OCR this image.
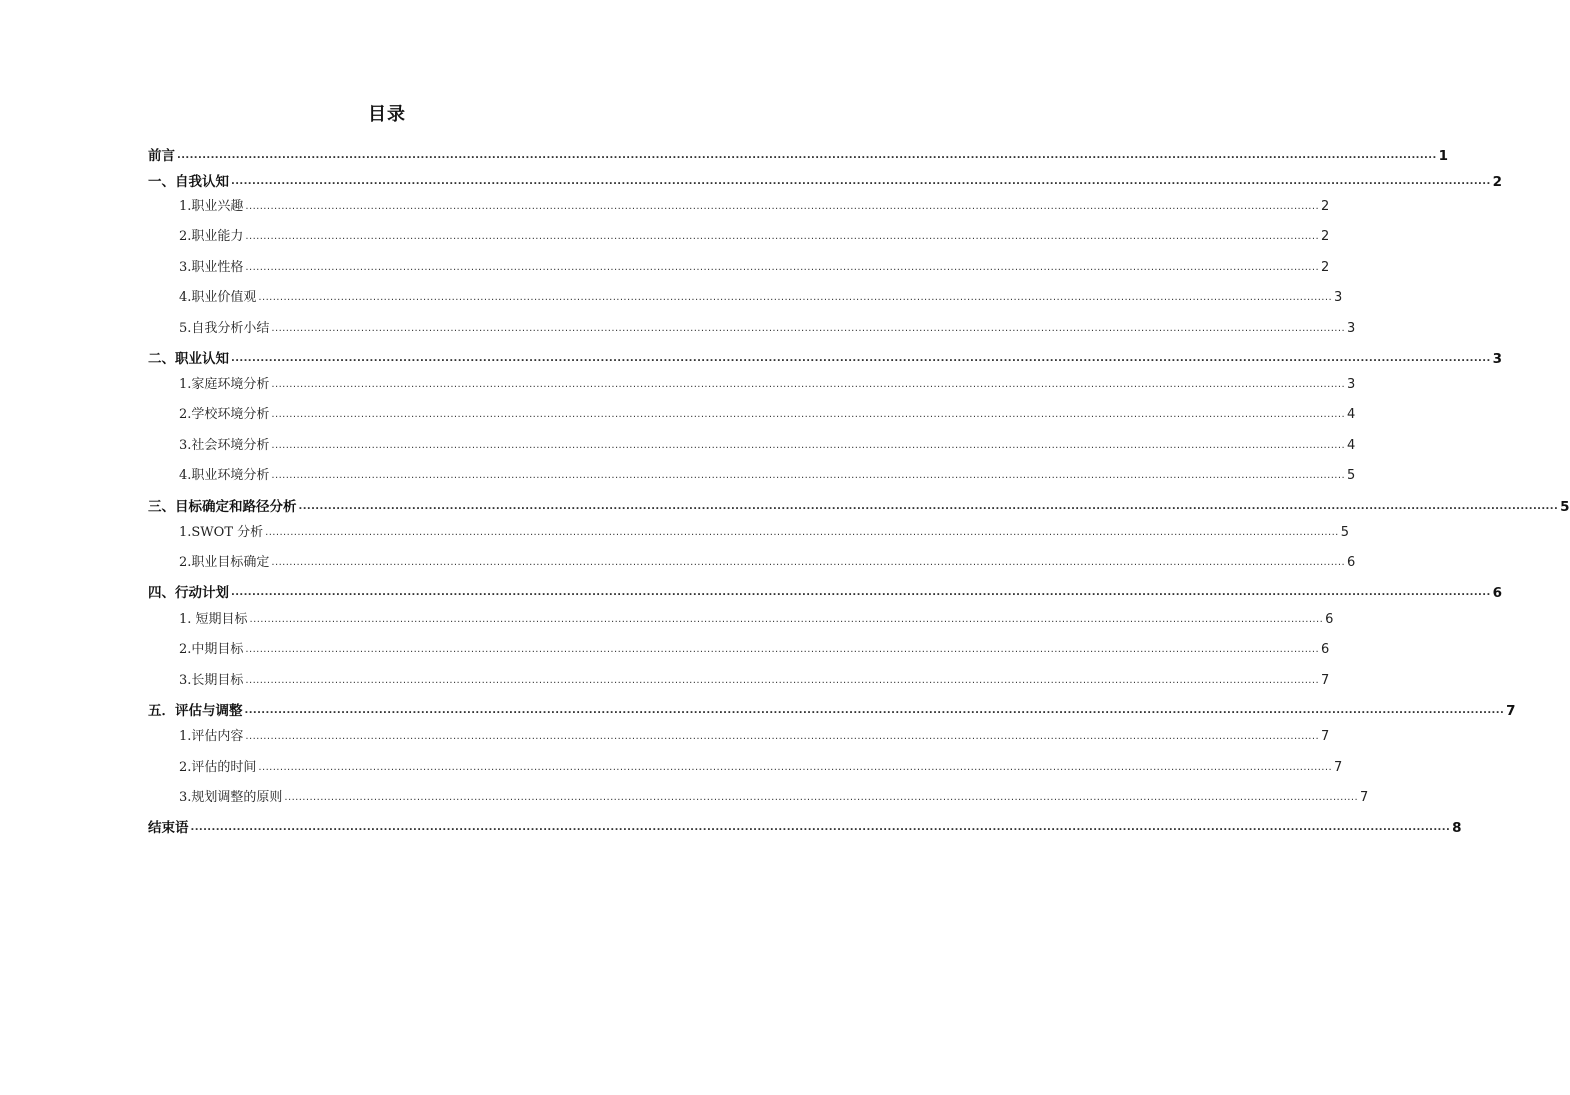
目录
前言 ............................................................................................................................................................................................................................................................................................................ 1
一、自我认知 ............................................................................................................................................................................................................................................................................................................ 2
1.职业兴趣 ............................................................................................................................................................................................................................................................................................................ 2
2.职业能力 ............................................................................................................................................................................................................................................................................................................ 2
3.职业性格 ............................................................................................................................................................................................................................................................................................................ 2
4.职业价值观 ............................................................................................................................................................................................................................................................................................................ 3
5.自我分析小结 ............................................................................................................................................................................................................................................................................................................ 3
二、职业认知 ............................................................................................................................................................................................................................................................................................................ 3
1.家庭环境分析 ............................................................................................................................................................................................................................................................................................................ 3
2.学校环境分析 ............................................................................................................................................................................................................................................................................................................ 4
3.社会环境分析 ............................................................................................................................................................................................................................................................................................................ 4
4.职业环境分析 ............................................................................................................................................................................................................................................................................................................ 5
三、目标确定和路径分析 ............................................................................................................................................................................................................................................................................................................ 5
1.SWOT 分析 ............................................................................................................................................................................................................................................................................................................ 5
2.职业目标确定 ............................................................................................................................................................................................................................................................................................................ 6
四、行动计划 ............................................................................................................................................................................................................................................................................................................ 6
1. 短期目标 ............................................................................................................................................................................................................................................................................................................ 6
2.中期目标 ............................................................................................................................................................................................................................................................................................................ 6
3.长期目标 ............................................................................................................................................................................................................................................................................................................ 7
五．评估与调整 ............................................................................................................................................................................................................................................................................................................ 7
1.评估内容 ............................................................................................................................................................................................................................................................................................................ 7
2.评估的时间 ............................................................................................................................................................................................................................................................................................................ 7
3.规划调整的原则 ............................................................................................................................................................................................................................................................................................................ 7
结束语 ............................................................................................................................................................................................................................................................................................................ 8
